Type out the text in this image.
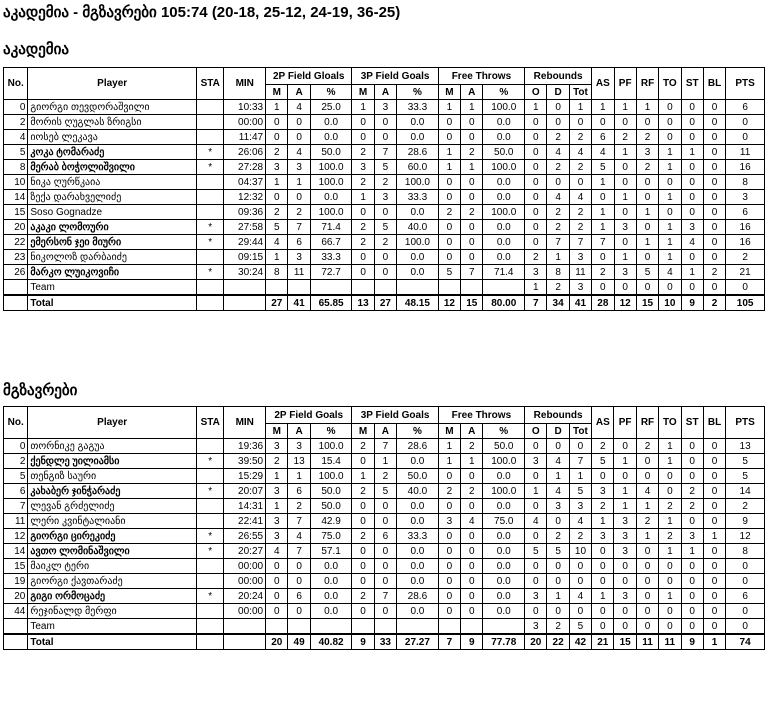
აკადემია - მგზავრები 105:74 (20-18, 25-12, 24-19, 36-25)
აკადემია
No.	Player	STA	MIN	2P Field Gloals			3P Field Goals			Free Throws			Rebounds			AS	PF	RF	TO	ST	BL	PTS
				M	A	%	M	A	%	M	A	%	O	D	Tot							
0	გიორგი თევდორაშვილი		10:33	1	4	25.0	1	3	33.3	1	1	100.0	1	0	1	1	1	1	0	0	0	6
2	მორის ღუგლას ზრიგსი		00:00	0	0	0.0	0	0	0.0	0	0	0.0	0	0	0	0	0	0	0	0	0	0
4	იოსებ ლეკავა		11:47	0	0	0.0	0	0	0.0	0	0	0.0	0	2	2	6	2	2	0	0	0	0
5	კოკა ტომარაძე	*	26:06	2	4	50.0	2	7	28.6	1	2	50.0	0	4	4	4	1	3	1	1	0	11
8	მერაბ ბოჭოლიშვილი	*	27:28	3	3	100.0	3	5	60.0	1	1	100.0	0	2	2	5	0	2	1	0	0	16
10	ნიკა ღურწკაია		04:37	1	1	100.0	2	2	100.0	0	0	0.0	0	0	0	1	0	0	0	0	0	8
14	ზექა დარახველიძე		12:32	0	0	0.0	1	3	33.3	0	0	0.0	0	4	4	0	1	0	1	0	0	3
15	Soso Gognadze		09:36	2	2	100.0	0	0	0.0	2	2	100.0	0	2	2	1	0	1	0	0	0	6
20	აკაკი ლომოური	*	27:58	5	7	71.4	2	5	40.0	0	0	0.0	0	2	2	1	3	0	1	3	0	16
22	ემერსონ ჯეი მიური	*	29:44	4	6	66.7	2	2	100.0	0	0	0.0	0	7	7	7	0	1	1	4	0	16
23	ნიკოლოზ დარბაიძე		09:15	1	3	33.3	0	0	0.0	0	0	0.0	2	1	3	0	1	0	1	0	0	2
26	მარკო ლუიკოვიჩი	*	30:24	8	11	72.7	0	0	0.0	5	7	71.4	3	8	11	2	3	5	4	1	2	21
	Team												1	2	3	0	0	0	0	0	0	0
	Total			27	41	65.85	13	27	48.15	12	15	80.00	7	34	41	28	12	15	10	9	2	105
მგზავრები
No.	Player	STA	MIN	2P Field Goals			3P Field Goals			Free Throws			Rebounds			AS	PF	RF	TO	ST	BL	PTS
				M	A	%	M	A	%	M	A	%	O	D	Tot							
0	თორნიკე გაგუა		19:36	3	3	100.0	2	7	28.6	1	2	50.0	0	0	0	2	0	2	1	0	0	13
2	ქენდლე უილიამსი	*	39:50	2	13	15.4	0	1	0.0	1	1	100.0	3	4	7	5	1	0	1	0	0	5
5	თენგიზ საური		15:29	1	1	100.0	1	2	50.0	0	0	0.0	0	1	1	0	0	0	0	0	0	5
6	კახაბერ ჯინჭარაძე	*	20:07	3	6	50.0	2	5	40.0	2	2	100.0	1	4	5	3	1	4	0	2	0	14
7	ლევან გრძელიძე		14:31	1	2	50.0	0	0	0.0	0	0	0.0	0	3	3	2	1	1	2	2	0	2
11	ლერი კვინტალიანი		22:41	3	7	42.9	0	0	0.0	3	4	75.0	4	0	4	1	3	2	1	0	0	9
12	გიორგი ცირეკიძე	*	26:55	3	4	75.0	2	6	33.3	0	0	0.0	0	2	2	3	3	1	2	3	1	12
14	ავთო ლომინაშვილი	*	20:27	4	7	57.1	0	0	0.0	0	0	0.0	5	5	10	0	3	0	1	1	0	8
15	მაიკლ ტერი		00:00	0	0	0.0	0	0	0.0	0	0	0.0	0	0	0	0	0	0	0	0	0	0
19	გიორგი ქავთარაძე		00:00	0	0	0.0	0	0	0.0	0	0	0.0	0	0	0	0	0	0	0	0	0	0
20	გიგი ორმოცაძე	*	20:24	0	6	0.0	2	7	28.6	0	0	0.0	3	1	4	1	3	0	1	0	0	6
44	რეჯინალდ მერფი		00:00	0	0	0.0	0	0	0.0	0	0	0.0	0	0	0	0	0	0	0	0	0	0
	Team												3	2	5	0	0	0	0	0	0	0
	Total			20	49	40.82	9	33	27.27	7	9	77.78	20	22	42	21	15	11	11	9	1	74
